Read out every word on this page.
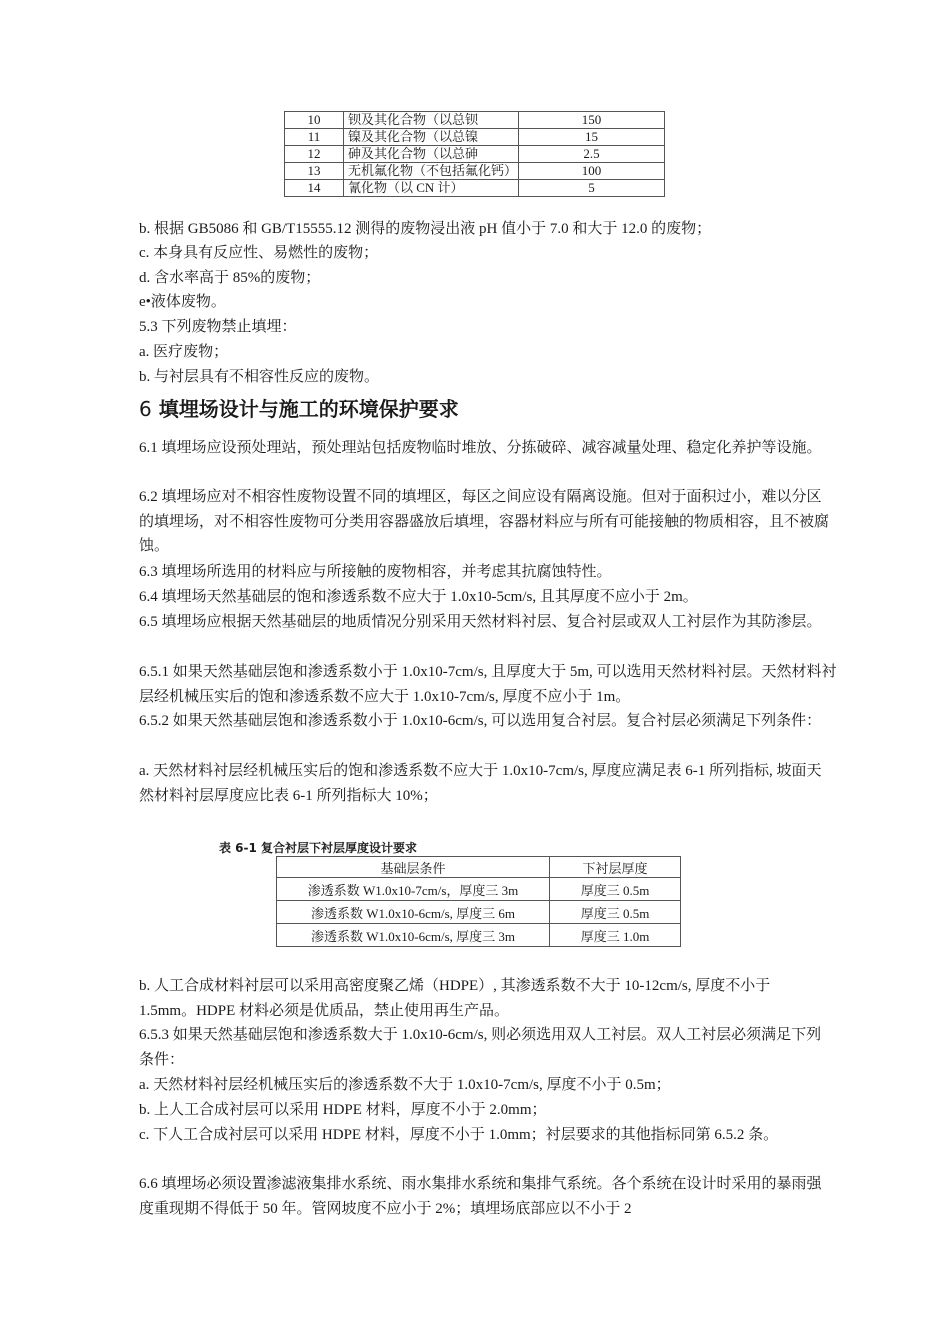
10	钡及其化合物（以总钡	150
11	镍及其化合物（以总镍	15
12	砷及其化合物（以总砷	2.5
13	无机氟化物（不包括氟化钙）	100
14	氰化物（以 CN 计）	5
b. 根据 GB5086 和 GB/T15555.12 测得的废物浸出液 pH 值小于 7.0 和大于 12.0 的废物；
c. 本身具有反应性、易燃性的废物；
d. 含水率高于 85%的废物；
e•液体废物。
5.3 下列废物禁止填埋：
a. 医疗废物；
b. 与衬层具有不相容性反应的废物。
6 填埋场设计与施工的环境保护要求
6.1 填埋场应设预处理站，预处理站包括废物临时堆放、分拣破碎、减容减量处理、稳定化养护等设施。
6.2 填埋场应对不相容性废物设置不同的填埋区，每区之间应设有隔离设施。但对于面积过小，难以分区的填埋场，对不相容性废物可分类用容器盛放后填埋，容器材料应与所有可能接触的物质相容，且不被腐蚀。
6.3 填埋场所选用的材料应与所接触的废物相容，并考虑其抗腐蚀特性。
6.4 填埋场天然基础层的饱和渗透系数不应大于 1.0x10-5cm/s, 且其厚度不应小于 2m。
6.5 填埋场应根据天然基础层的地质情况分别采用天然材料衬层、复合衬层或双人工衬层作为其防渗层。
6.5.1 如果天然基础层饱和渗透系数小于 1.0x10-7cm/s, 且厚度大于 5m, 可以选用天然材料衬层。天然材料衬层经机械压实后的饱和渗透系数不应大于 1.0x10-7cm/s, 厚度不应小于 1m。
6.5.2 如果天然基础层饱和渗透系数小于 1.0x10-6cm/s, 可以选用复合衬层。复合衬层必须满足下列条件：
a. 天然材料衬层经机械压实后的饱和渗透系数不应大于 1.0x10-7cm/s, 厚度应满足表 6-1 所列指标, 坡面天然材料衬层厚度应比表 6-1 所列指标大 10%；
表 6-1 复合衬层下衬层厚度设计要求
基础层条件	下衬层厚度
渗透系数 W1.0x10-7cm/s，厚度三 3m	厚度三 0.5m
渗透系数 W1.0x10-6cm/s, 厚度三 6m	厚度三 0.5m
渗透系数 W1.0x10-6cm/s, 厚度三 3m	厚度三 1.0m
b. 人工合成材料衬层可以采用高密度聚乙烯（HDPE）, 其渗透系数不大于 10-12cm/s, 厚度不小于 1.5mm。HDPE 材料必须是优质品，禁止使用再生产品。
6.5.3 如果天然基础层饱和渗透系数大于 1.0x10-6cm/s, 则必须选用双人工衬层。双人工衬层必须满足下列条件：
a. 天然材料衬层经机械压实后的渗透系数不大于 1.0x10-7cm/s, 厚度不小于 0.5m；
b. 上人工合成衬层可以采用 HDPE 材料，厚度不小于 2.0mm；
c. 下人工合成衬层可以采用 HDPE 材料，厚度不小于 1.0mm；衬层要求的其他指标同第 6.5.2 条。
6.6 填埋场必须设置渗滤液集排水系统、雨水集排水系统和集排气系统。各个系统在设计时采用的暴雨强度重现期不得低于 50 年。管网坡度不应小于 2%；填埋场底部应以不小于 2
